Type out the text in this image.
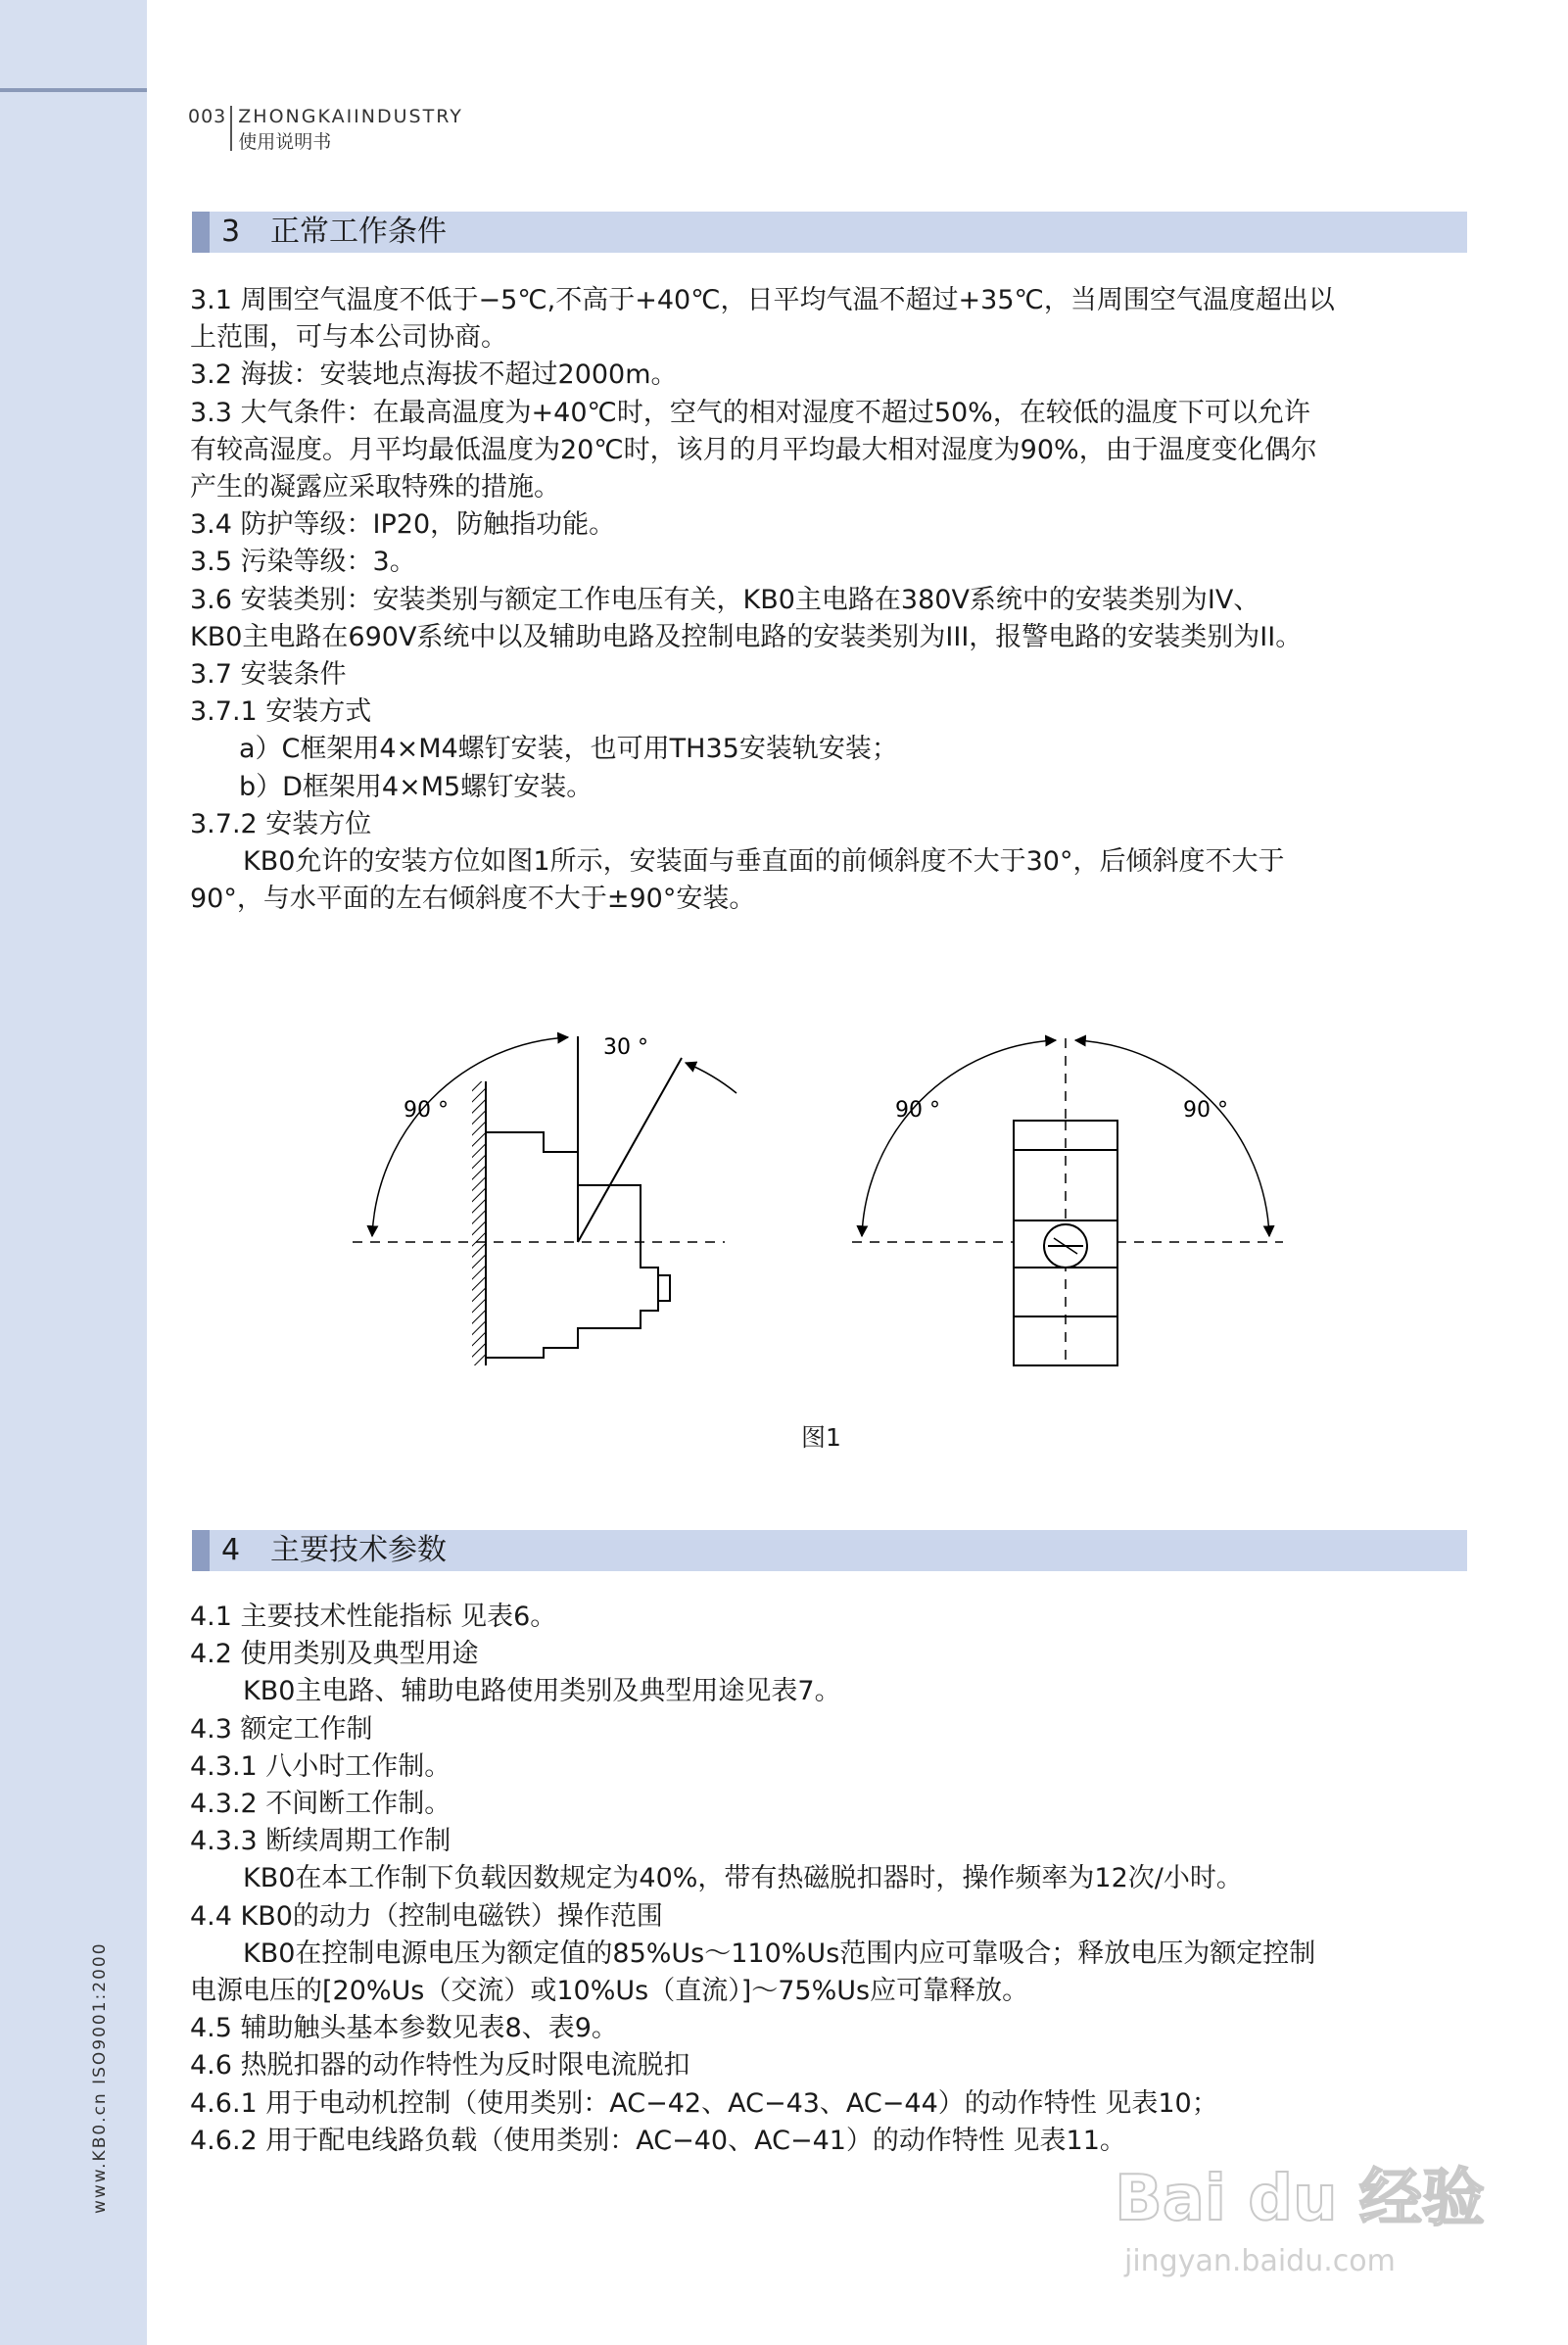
www.KB0.cn ISO9001:2000
003 ZHONGKAIINDUSTRY
使用说明书
3 正常工作条件

3.1 周围空气温度不低于−5℃,不高于+40℃，日平均气温不超过+35℃，当周围空气温度超出以

上范围，可与本公司协商。

3.2 海拔：安装地点海拔不超过2000m。

3.3 大气条件：在最高温度为+40℃时，空气的相对湿度不超过50%，在较低的温度下可以允许

有较高湿度。月平均最低温度为20℃时，该月的月平均最大相对湿度为90%，由于温度变化偶尔

产生的凝露应采取特殊的措施。

3.4 防护等级：IP20，防触指功能。

3.5 污染等级：3。

3.6 安装类别：安装类别与额定工作电压有关，KB0主电路在380V系统中的安装类别为IV、

KB0主电路在690V系统中以及辅助电路及控制电路的安装类别为III，报警电路的安装类别为II。

3.7 安装条件

3.7.1 安装方式

a）C框架用4×M4螺钉安装，也可用TH35安装轨安装；

b）D框架用4×M5螺钉安装。

3.7.2 安装方位

KB0允许的安装方位如图1所示，安装面与垂直面的前倾斜度不大于30°，后倾斜度不大于

90°，与水平面的左右倾斜度不大于±90°安装。

30 °
90 °	90 °	90 °
图1
4 主要技术参数

4.1 主要技术性能指标 见表6。

4.2 使用类别及典型用途

KB0主电路、辅助电路使用类别及典型用途见表7。

4.3 额定工作制

4.3.1 八小时工作制。

4.3.2 不间断工作制。

4.3.3 断续周期工作制

KB0在本工作制下负载因数规定为40%，带有热磁脱扣器时，操作频率为12次/小时。

4.4 KB0的动力（控制电磁铁）操作范围

KB0在控制电源电压为额定值的85%Us～110%Us范围内应可靠吸合；释放电压为额定控制

电源电压的[20%Us（交流）或10%Us（直流）]～75%Us应可靠释放。

4.5 辅助触头基本参数见表8、表9。

4.6 热脱扣器的动作特性为反时限电流脱扣

4.6.1 用于电动机控制（使用类别：AC−42、AC−43、AC−44）的动作特性 见表10；

4.6.2 用于配电线路负载（使用类别：AC−40、AC−41）的动作特性 见表11。

Bai du 经验
jingyan.baidu.com
